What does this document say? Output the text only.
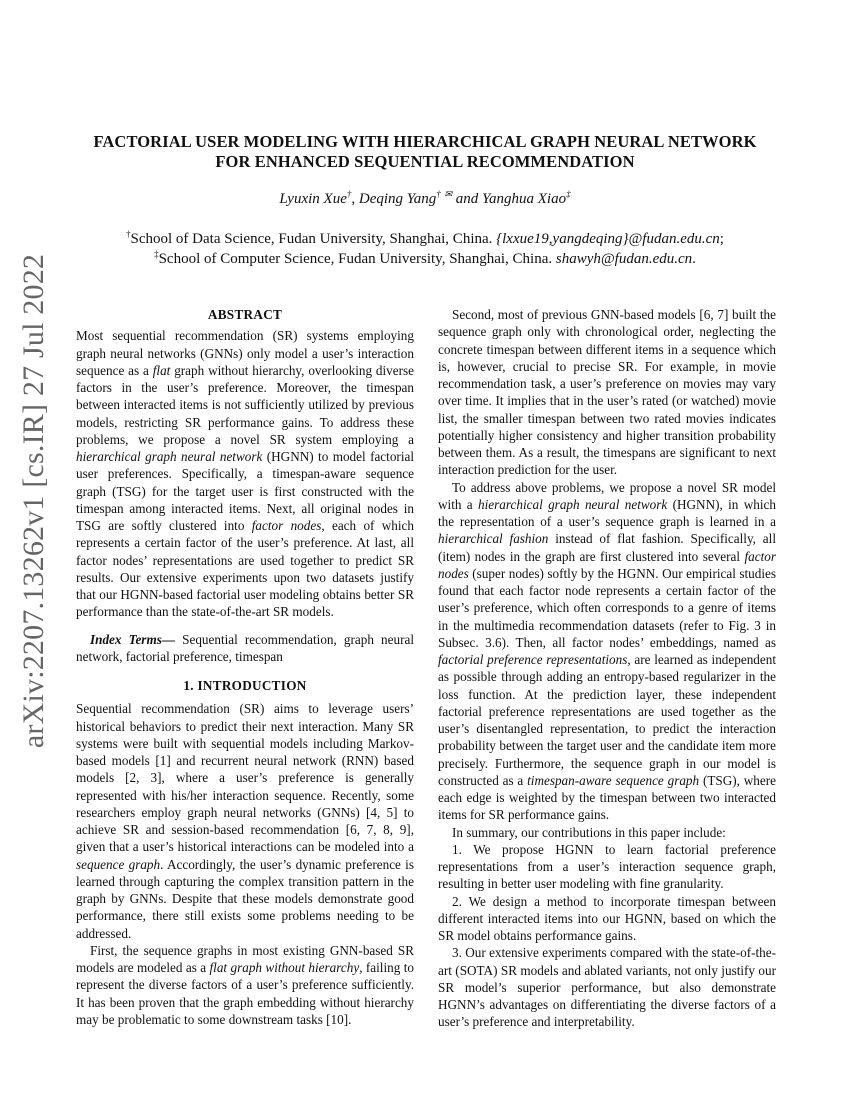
arXiv:2207.13262v1 [cs.IR] 27 Jul 2022
FACTORIAL USER MODELING WITH HIERARCHICAL GRAPH NEURAL NETWORK
FOR ENHANCED SEQUENTIAL RECOMMENDATION
Lyuxin Xue†, Deqing Yang† ✉ and Yanghua Xiao‡
†School of Data Science, Fudan University, Shanghai, China. {lxxue19,yangdeqing}@fudan.edu.cn;
‡School of Computer Science, Fudan University, Shanghai, China. shawyh@fudan.edu.cn.
ABSTRACT

Most sequential recommendation (SR) systems employing graph neural networks (GNNs) only model a user’s interaction sequence as a flat graph without hierarchy, overlooking diverse factors in the user’s preference. Moreover, the timespan between interacted items is not sufficiently utilized by previous models, restricting SR performance gains. To address these problems, we propose a novel SR system employing a hierarchical graph neural network (HGNN) to model factorial user preferences. Specifically, a timespan-aware sequence graph (TSG) for the target user is first constructed with the timespan among interacted items. Next, all original nodes in TSG are softly clustered into factor nodes, each of which represents a certain factor of the user’s preference. At last, all factor nodes’ representations are used together to predict SR results. Our extensive experiments upon two datasets justify that our HGNN-based factorial user modeling obtains better SR performance than the state-of-the-art SR models.

Index Terms— Sequential recommendation, graph neural network, factorial preference, timespan

1. INTRODUCTION

Sequential recommendation (SR) aims to leverage users’ historical behaviors to predict their next interaction. Many SR systems were built with sequential models including Markov-based models [1] and recurrent neural network (RNN) based models [2, 3], where a user’s preference is generally represented with his/her interaction sequence. Recently, some researchers employ graph neural networks (GNNs) [4, 5] to achieve SR and session-based recommendation [6, 7, 8, 9], given that a user’s historical interactions can be modeled into a sequence graph. Accordingly, the user’s dynamic preference is learned through capturing the complex transition pattern in the graph by GNNs. Despite that these models demonstrate good performance, there still exists some problems needing to be addressed.

First, the sequence graphs in most existing GNN-based SR models are modeled as a flat graph without hierarchy, failing to represent the diverse factors of a user’s preference sufficiently. It has been proven that the graph embedding without hierarchy may be problematic to some downstream tasks [10].

Second, most of previous GNN-based models [6, 7] built the sequence graph only with chronological order, neglecting the concrete timespan between different items in a sequence which is, however, crucial to precise SR. For example, in movie recommendation task, a user’s preference on movies may vary over time. It implies that in the user’s rated (or watched) movie list, the smaller timespan between two rated movies indicates potentially higher consistency and higher transition probability between them. As a result, the timespans are significant to next interaction prediction for the user.

To address above problems, we propose a novel SR model with a hierarchical graph neural network (HGNN), in which the representation of a user’s sequence graph is learned in a hierarchical fashion instead of flat fashion. Specifically, all (item) nodes in the graph are first clustered into several factor nodes (super nodes) softly by the HGNN. Our empirical studies found that each factor node represents a certain factor of the user’s preference, which often corresponds to a genre of items in the multimedia recommendation datasets (refer to Fig. 3 in Subsec. 3.6). Then, all factor nodes’ embeddings, named as factorial preference representations, are learned as independent as possible through adding an entropy-based regularizer in the loss function. At the prediction layer, these independent factorial preference representations are used together as the user’s disentangled representation, to predict the interaction probability between the target user and the candidate item more precisely. Furthermore, the sequence graph in our model is constructed as a timespan-aware sequence graph (TSG), where each edge is weighted by the timespan between two interacted items for SR performance gains.

In summary, our contributions in this paper include:

1. We propose HGNN to learn factorial preference representations from a user’s interaction sequence graph, resulting in better user modeling with fine granularity.

2. We design a method to incorporate timespan between different interacted items into our HGNN, based on which the SR model obtains performance gains.

3. Our extensive experiments compared with the state-of-the-art (SOTA) SR models and ablated variants, not only justify our SR model’s superior performance, but also demonstrate HGNN’s advantages on differentiating the diverse factors of a user’s preference and interpretability.
